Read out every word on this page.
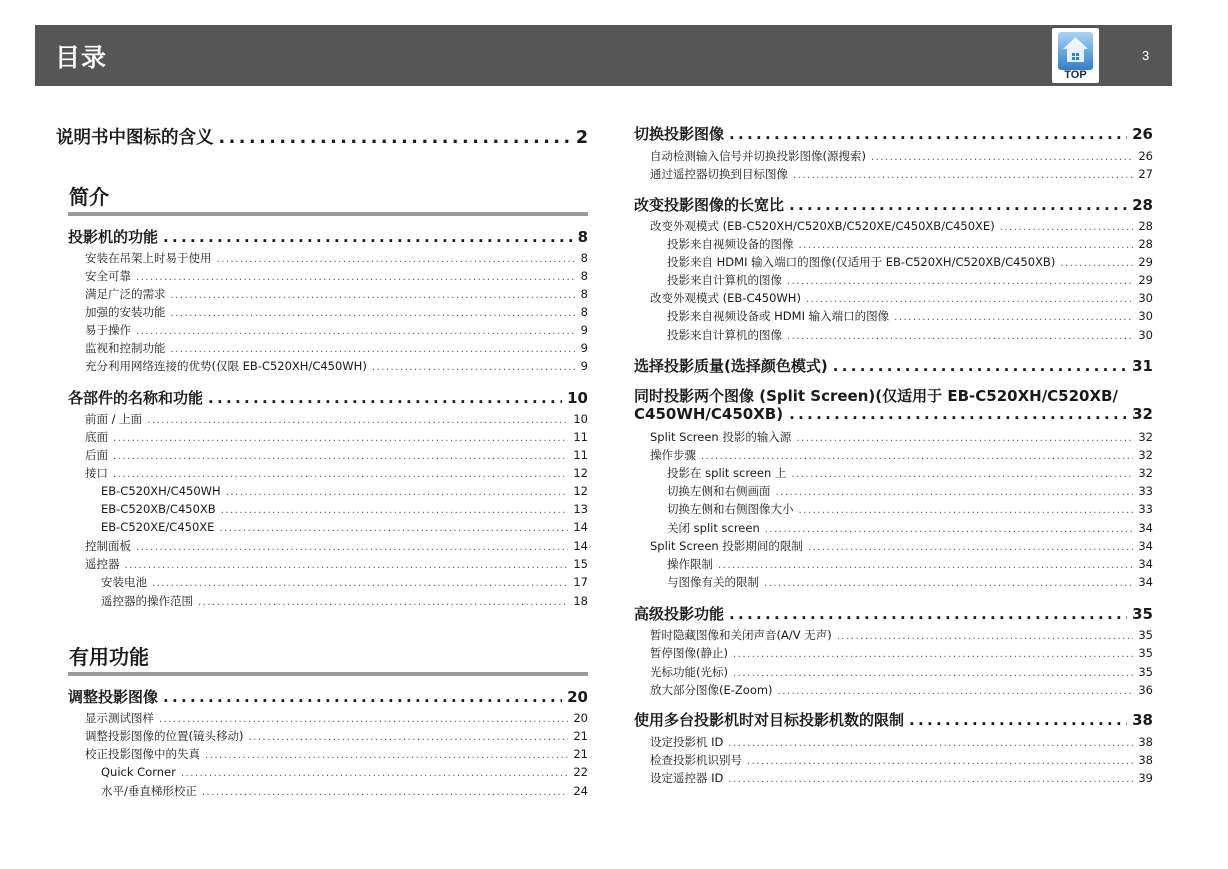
目录
TOP
3
说明书中图标的含义 .....	2
简介
投影机的功能 .....	8
安装在吊架上时易于使用 .....	8
安全可靠 .....	8
满足广泛的需求 .....	8
加强的安装功能 .....	8
易于操作 .....	9
监视和控制功能 .....	9
充分利用网络连接的优势(仅限 EB-C520XH/C450WH) .....	9
各部件的名称和功能 .....	10
前面 / 上面 .....	10
底面 .....	11
后面 .....	11
接口 .....	12
EB-C520XH/C450WH .....	12
EB-C520XB/C450XB .....	13
EB-C520XE/C450XE .....	14
控制面板 .....	14
遥控器 .....	15
安装电池 .....	17
遥控器的操作范围 .....	18
有用功能
调整投影图像 .....	20
显示测试图样 .....	20
调整投影图像的位置(镜头移动) .....	21
校正投影图像中的失真 .....	21
Quick Corner .....	22
水平/垂直梯形校正 .....	24
切换投影图像 .....	26
自动检测输入信号并切换投影图像(源搜索) .....	26
通过遥控器切换到目标图像 .....	27
改变投影图像的长宽比 .....	28
改变外观模式 (EB-C520XH/C520XB/C520XE/C450XB/C450XE) .....	28
投影来自视频设备的图像 .....	28
投影来自 HDMI 输入端口的图像(仅适用于 EB-C520XH/C520XB/C450XB) .....	29
投影来自计算机的图像 .....	29
改变外观模式 (EB-C450WH) .....	30
投影来自视频设备或 HDMI 输入端口的图像 .....	30
投影来自计算机的图像 .....	30
选择投影质量(选择颜色模式) .....	31
同时投影两个图像 (Split Screen)(仅适用于 EB-C520XH/C520XB/
C450WH/C450XB) .....	32
Split Screen 投影的输入源 .....	32
操作步骤 .....	32
投影在 split screen 上 .....	32
切换左侧和右侧画面 .....	33
切换左侧和右侧图像大小 .....	33
关闭 split screen .....	34
Split Screen 投影期间的限制 .....	34
操作限制 .....	34
与图像有关的限制 .....	34
高级投影功能 .....	35
暂时隐藏图像和关闭声音(A/V 无声) .....	35
暂停图像(静止) .....	35
光标功能(光标) .....	35
放大部分图像(E-Zoom) .....	36
使用多台投影机时对目标投影机数的限制 .....	38
设定投影机 ID .....	38
检查投影机识别号 .....	38
设定遥控器 ID .....	39
